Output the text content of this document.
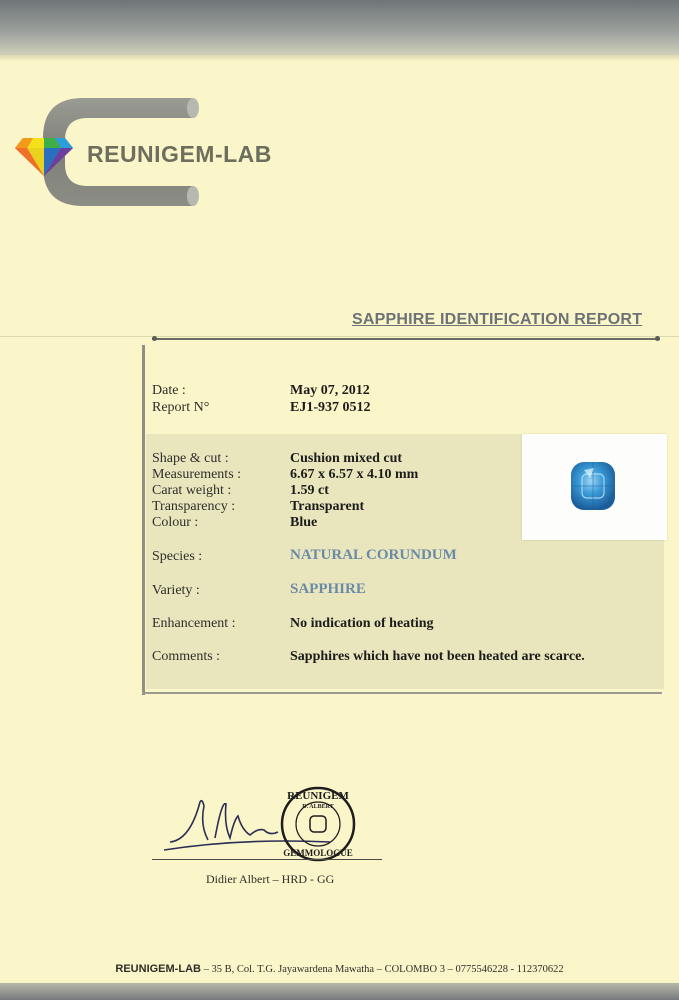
REUNIGEM-LAB
SAPPHIRE IDENTIFICATION REPORT
Date :	May 07, 2012
Report N°	EJ1-937 0512
Shape & cut :	Cushion mixed cut
Measurements :	6.67 x 6.57 x 4.10 mm
Carat weight :	1.59 ct
Transparency :	Transparent
Colour :	Blue
Species :	NATURAL CORUNDUM
Variety :	SAPPHIRE
Enhancement :	No indication of heating
Comments :	Sapphires which have not been heated are scarce.
REUNIGEM
D. ALBERT
GEMMOLOGUE
Didier Albert – HRD - GG
REUNIGEM-LAB – 35 B, Col. T.G. Jayawardena Mawatha – COLOMBO 3 – 0775546228 - 112370622
